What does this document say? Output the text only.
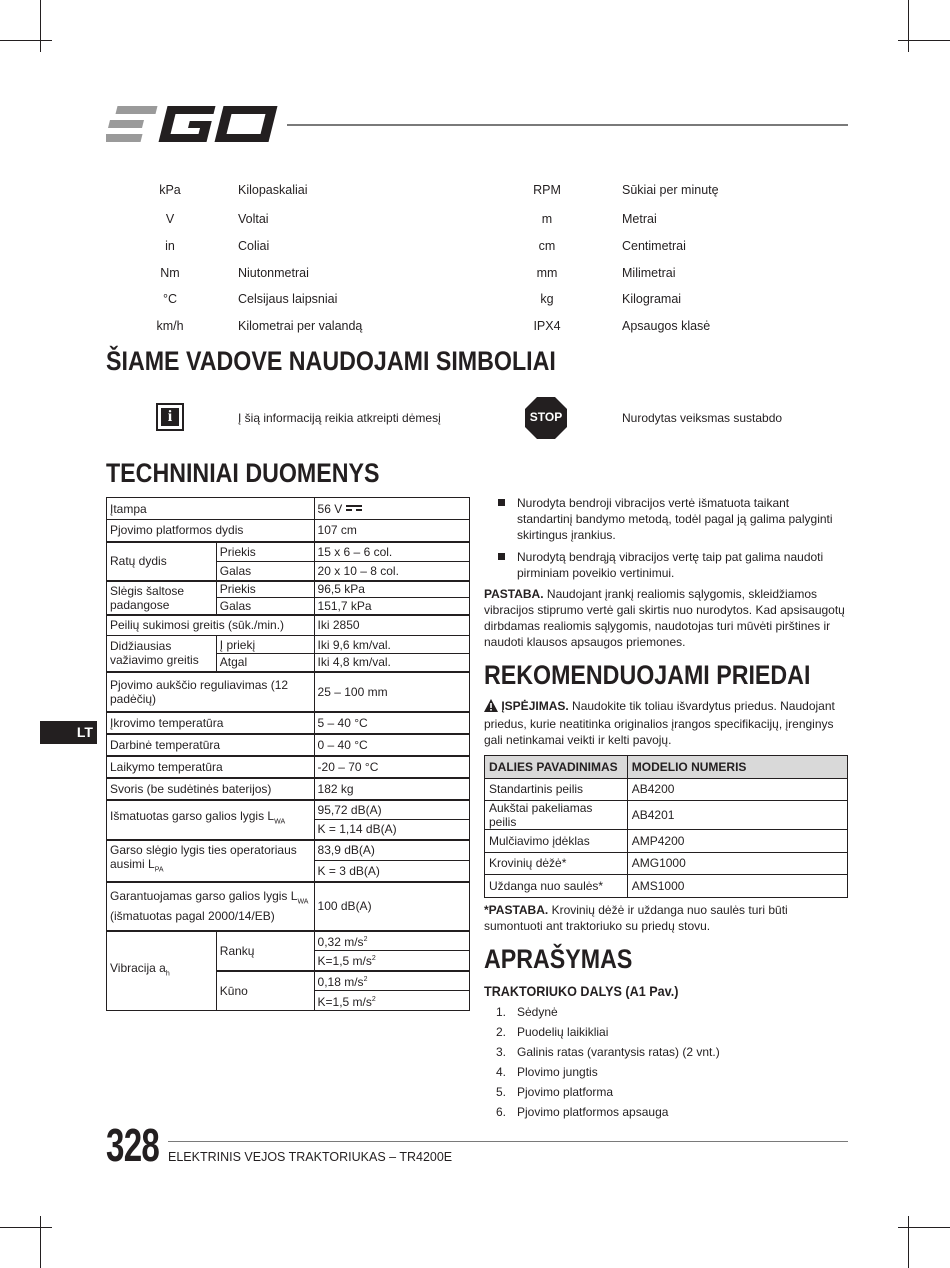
kPa	Kilopaskaliai	RPM	Sūkiai per minutę
V	Voltai	m	Metrai
in	Coliai	cm	Centimetrai
Nm	Niutonmetrai	mm	Milimetrai
°C	Celsijaus laipsniai	kg	Kilogramai
km/h	Kilometrai per valandą	IPX4	Apsaugos klasė
ŠIAME VADOVE NAUDOJAMI SIMBOLIAI
i	Į šią informaciją reikia atkreipti dėmesį	STOP	Nurodytas veiksmas sustabdo
TECHNINIAI DUOMENYS
Įtampa		56 V

Pjovimo platformos dydis		107 cm
Ratų dydis	Priekis	15 x 6 – 6 col.
	Galas	20 x 10 – 8 col.
Slėgis šaltose padangose	Priekis	96,5 kPa
	Galas	151,7 kPa
Peilių sukimosi greitis (sūk./min.)		Iki 2850
Didžiausias važiavimo greitis	Į priekį	Iki 9,6 km/val.
	Atgal	Iki 4,8 km/val.
Pjovimo aukščio reguliavimas (12 padėčių)		25 – 100 mm
Įkrovimo temperatūra		5 – 40 °C
Darbinė temperatūra		0 – 40 °C
Laikymo temperatūra		-20 – 70 °C
Svoris (be sudėtinės baterijos)		182 kg
Išmatuotas garso galios lygis $L_{WA}$		95,72 dB(A)
		K = 1,14 dB(A)
Garso slėgio lygis ties operatoriaus ausimi $L_{PA}$		83,9 dB(A)
		K = 3 dB(A)
Garantuojamas garso galios lygis $L_{WA}$
(išmatuotas pagal 2000/14/EB)		100 dB(A)
Vibracija $a_h$	Rankų	0,32 $m/s^2$
		K=1,5 $m/s^2$
	Kūno	0,18 $m/s^2$
		K=1,5 $m/s^2$
LT
Nurodyta bendroji vibracijos vertė išmatuota taikant standartinį bandymo metodą, todėl pagal ją galima palyginti skirtingus įrankius.
Nurodytą bendrąją vibracijos vertę taip pat galima naudoti pirminiam poveikio vertinimui.
PASTABA. Naudojant įrankį realiomis sąlygomis, skleidžiamos vibracijos stiprumo vertė gali skirtis nuo nurodytos. Kad apsisaugotų dirbdamas realiomis sąlygomis, naudotojas turi mūvėti pirštines ir naudoti klausos apsaugos priemones.
REKOMENDUOJAMI PRIEDAI
ĮSPĖJIMAS. Naudokite tik toliau išvardytus priedus. Naudojant priedus, kurie neatitinka originalios įrangos specifikacijų, įrenginys gali netinkamai veikti ir kelti pavojų.
DALIES PAVADINIMAS	MODELIO NUMERIS
Standartinis peilis	AB4200
Aukštai pakeliamas peilis	AB4201
Mulčiavimo įdėklas	AMP4200
Krovinių dėžė*	AMG1000
Uždanga nuo saulės*	AMS1000
*PASTABA. Krovinių dėžė ir uždanga nuo saulės turi būti sumontuoti ant traktoriuko su priedų stovu.
APRAŠYMAS
TRAKTORIUKO DALYS (A1 Pav.)
1. Sėdynė
2. Puodelių laikikliai
3. Galinis ratas (varantysis ratas) (2 vnt.)
4. Plovimo jungtis
5. Pjovimo platforma
6. Pjovimo platformos apsauga
328 ELEKTRINIS VEJOS TRAKTORIUKAS – TR4200E
